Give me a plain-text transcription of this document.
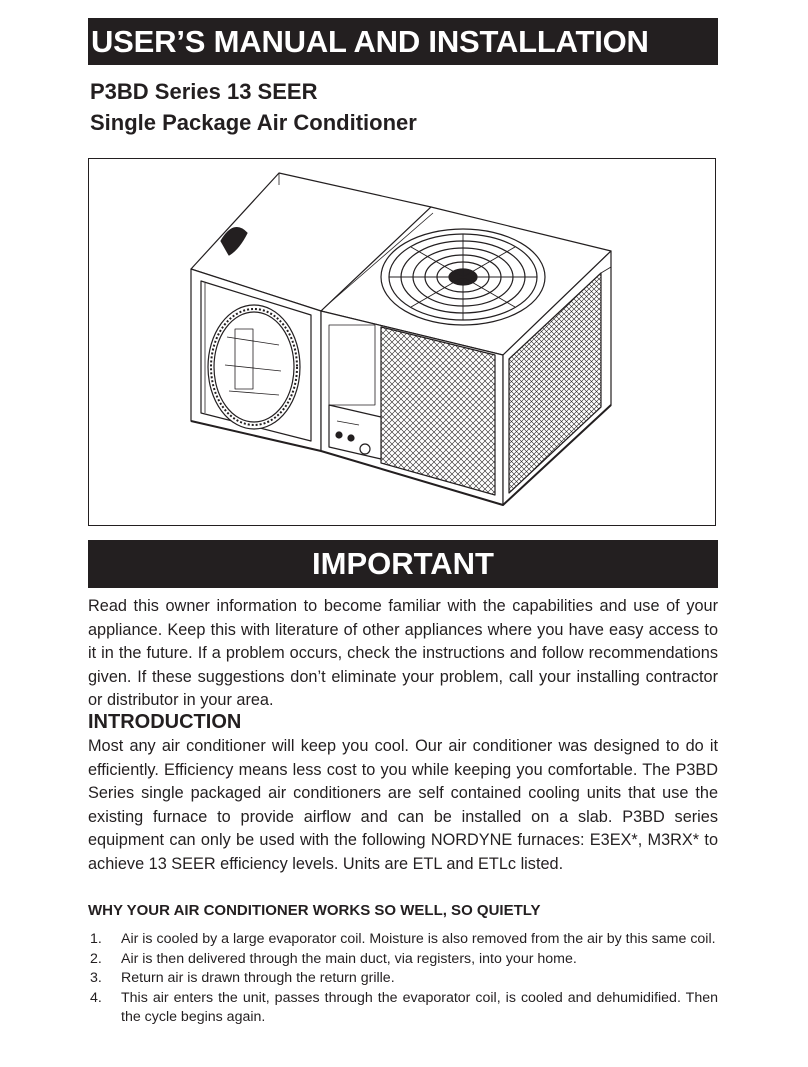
USER’S MANUAL AND INSTALLATION
P3BD Series 13 SEER
Single Package Air Conditioner
IMPORTANT

Read this owner information to become familiar with the capabilities and use of your appliance. Keep this with literature of other appliances where you have easy access to it in the future. If a problem occurs, check the instructions and follow recommendations given. If these suggestions don’t eliminate your problem, call your installing contractor or distributor in your area.

INTRODUCTION

Most any air conditioner will keep you cool. Our air conditioner was designed to do it efficiently. Efficiency means less cost to you while keeping you comfortable. The P3BD Series single packaged air conditioners are self contained cooling units that use the existing furnace to provide airflow and can be installed on a slab. P3BD series equipment can only be used with the following NORDYNE furnaces: E3EX*, M3RX* to achieve 13 SEER efficiency levels. Units are ETL and ETLc listed.

WHY YOUR AIR CONDITIONER WORKS SO WELL, SO QUIETLY
1. Air is cooled by a large evaporator coil. Moisture is also removed from the air by this same coil.
2. Air is then delivered through the main duct, via registers, into your home.
3. Return air is drawn through the return grille.
4. This air enters the unit, passes through the evaporator coil, is cooled and dehumidified. Then the cycle begins again.
